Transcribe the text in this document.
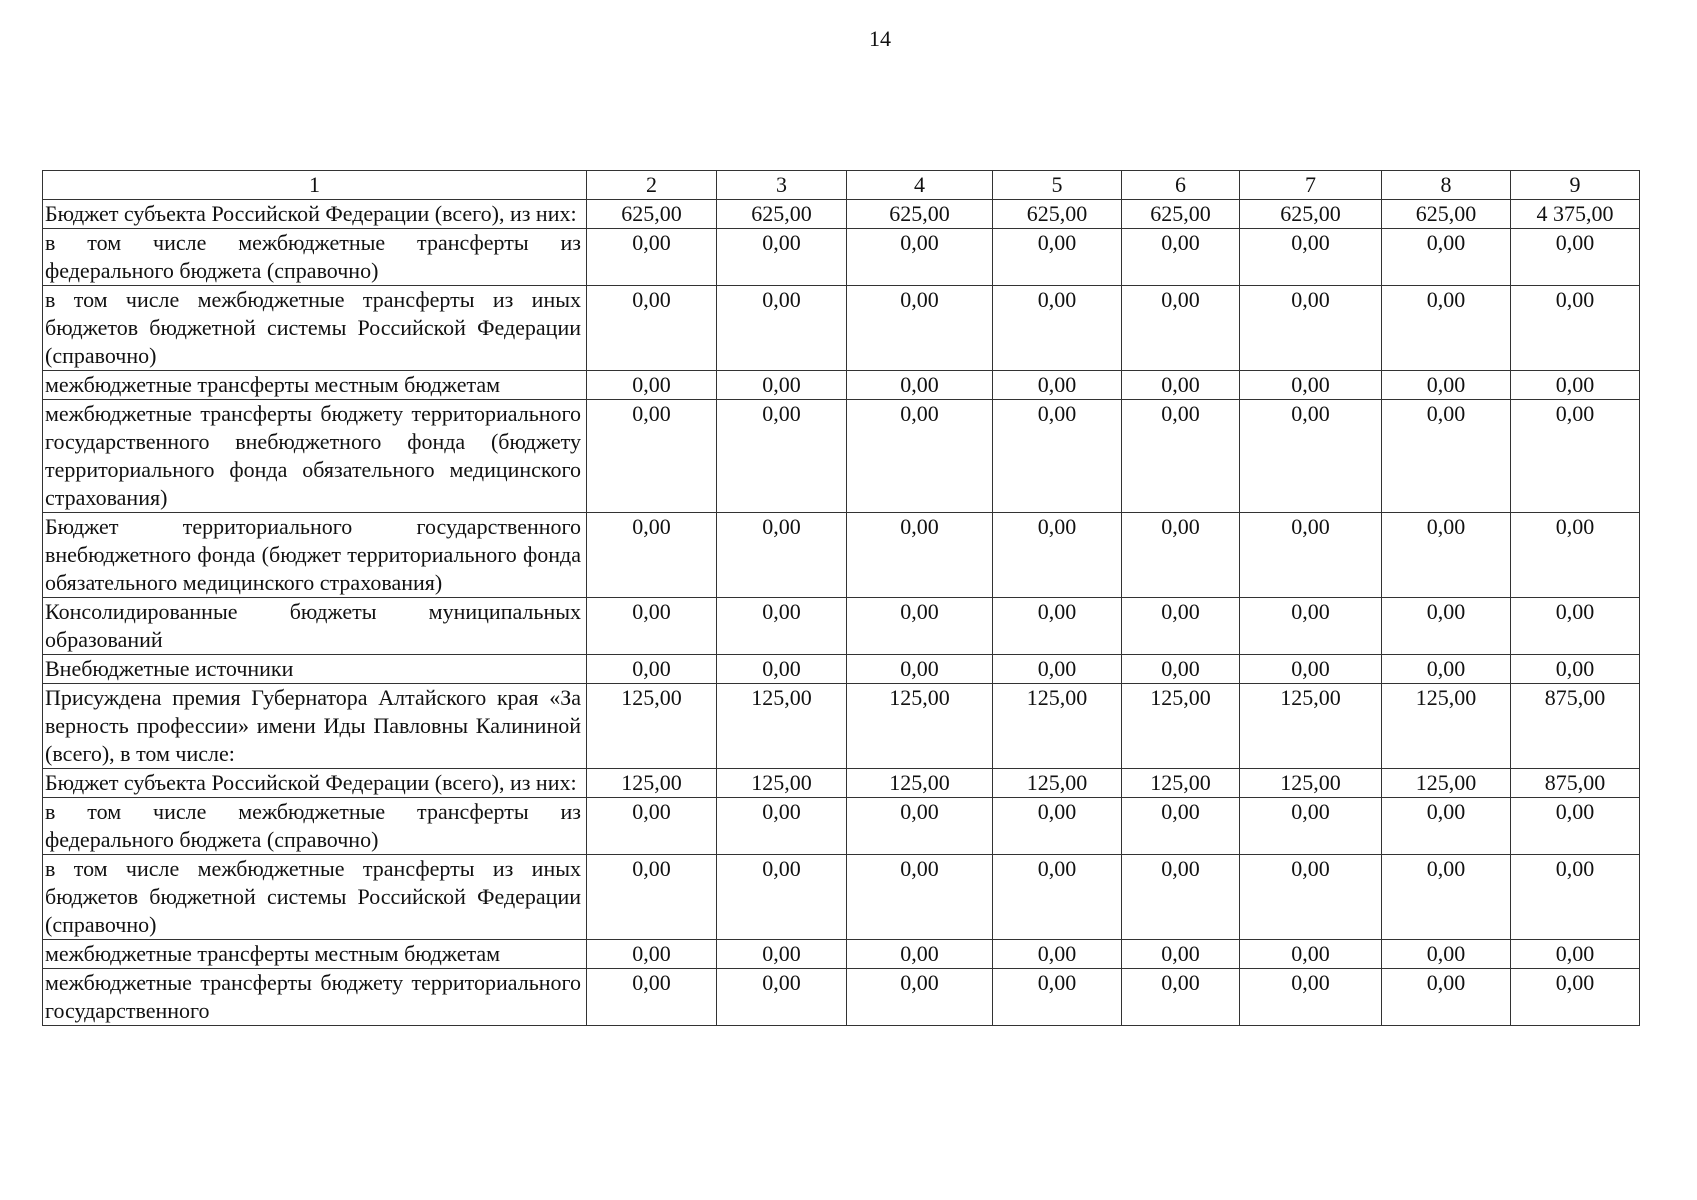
14
1	2	3	4	5	6	7	8	9
Бюджет субъекта Российской Федерации (всего), из них:	625,00	625,00	625,00	625,00	625,00	625,00	625,00	4 375,00
в том числе межбюджетные трансферты из федерального бюджета (справочно)	0,00	0,00	0,00	0,00	0,00	0,00	0,00	0,00
в том числе межбюджетные трансферты из иных бюджетов бюджетной системы Российской Федерации (справочно)	0,00	0,00	0,00	0,00	0,00	0,00	0,00	0,00
межбюджетные трансферты местным бюджетам	0,00	0,00	0,00	0,00	0,00	0,00	0,00	0,00
межбюджетные трансферты бюджету территориального государственного внебюджетного фонда (бюджету территориального фонда обязательного медицинского страхования)	0,00	0,00	0,00	0,00	0,00	0,00	0,00	0,00
Бюджет территориального государственного внебюджетного фонда (бюджет территориального фонда обязательного медицинского страхования)	0,00	0,00	0,00	0,00	0,00	0,00	0,00	0,00
Консолидированные бюджеты муниципальных образований	0,00	0,00	0,00	0,00	0,00	0,00	0,00	0,00
Внебюджетные источники	0,00	0,00	0,00	0,00	0,00	0,00	0,00	0,00
Присуждена премия Губернатора Алтайского края «За верность профессии» имени Иды Павловны Калининой (всего), в том числе:	125,00	125,00	125,00	125,00	125,00	125,00	125,00	875,00
Бюджет субъекта Российской Федерации (всего), из них:	125,00	125,00	125,00	125,00	125,00	125,00	125,00	875,00
в том числе межбюджетные трансферты из федерального бюджета (справочно)	0,00	0,00	0,00	0,00	0,00	0,00	0,00	0,00
в том числе межбюджетные трансферты из иных бюджетов бюджетной системы Российской Федерации (справочно)	0,00	0,00	0,00	0,00	0,00	0,00	0,00	0,00
межбюджетные трансферты местным бюджетам	0,00	0,00	0,00	0,00	0,00	0,00	0,00	0,00
межбюджетные трансферты бюджету территориального государственного	0,00	0,00	0,00	0,00	0,00	0,00	0,00	0,00
